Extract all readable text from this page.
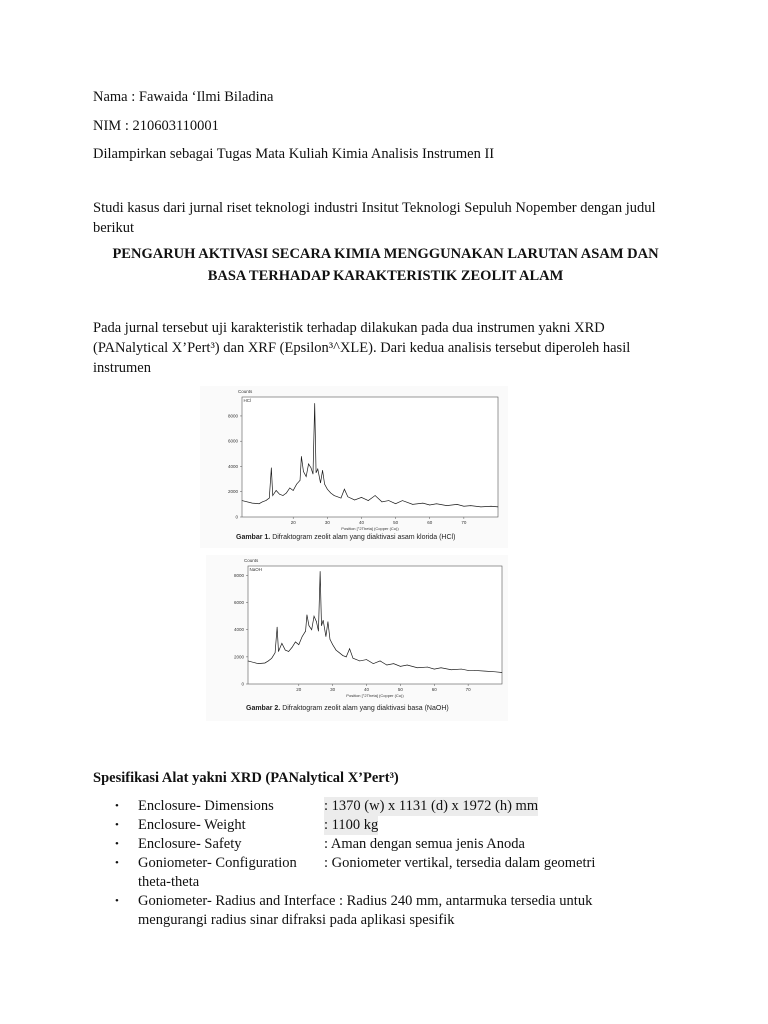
Nama : Fawaida ‘Ilmi Biladina
NIM : 210603110001
Dilampirkan sebagai Tugas Mata Kuliah Kimia Analisis Instrumen II
Studi kasus dari jurnal riset teknologi industri Insitut Teknologi Sepuluh Nopember dengan judul berikut
PENGARUH AKTIVASI SECARA KIMIA MENGGUNAKAN LARUTAN ASAM DAN BASA TERHADAP KARAKTERISTIK ZEOLIT ALAM
Pada jurnal tersebut uji karakteristik terhadap dilakukan pada dua instrumen yakni XRD (PANalytical X’Pert³) dan XRF (Epsilon³^XLE). Dari kedua analisis tersebut diperoleh hasil instrumen
Counts
HCl
0
2000
4000
6000
8000
20	30	40	50	60	70
Position [°2Theta] (Copper (Cu))
Gambar 1. Difraktogram zeolit alam yang diaktivasi asam klorida (HCl)
Counts
NaOH
0
2000
4000
6000
8000
20	30	40	50	60	70
Position [°2Theta] (Copper (Cu))
Gambar 2. Difraktogram zeolit alam yang diaktivasi basa (NaOH)
Spesifikasi Alat yakni XRD (PANalytical X’Pert³)
• Enclosure- Dimensions	: 1370 (w) x 1131 (d) x 1972 (h) mm
• Enclosure- Weight	: 1100 kg
• Enclosure- Safety	: Aman dengan semua jenis Anoda
• Goniometer- Configuration	: Goniometer vertikal, tersedia dalam geometri
theta-theta
• Goniometer- Radius and Interface : Radius 240 mm, antarmuka tersedia untuk
mengurangi radius sinar difraksi pada aplikasi spesifik
